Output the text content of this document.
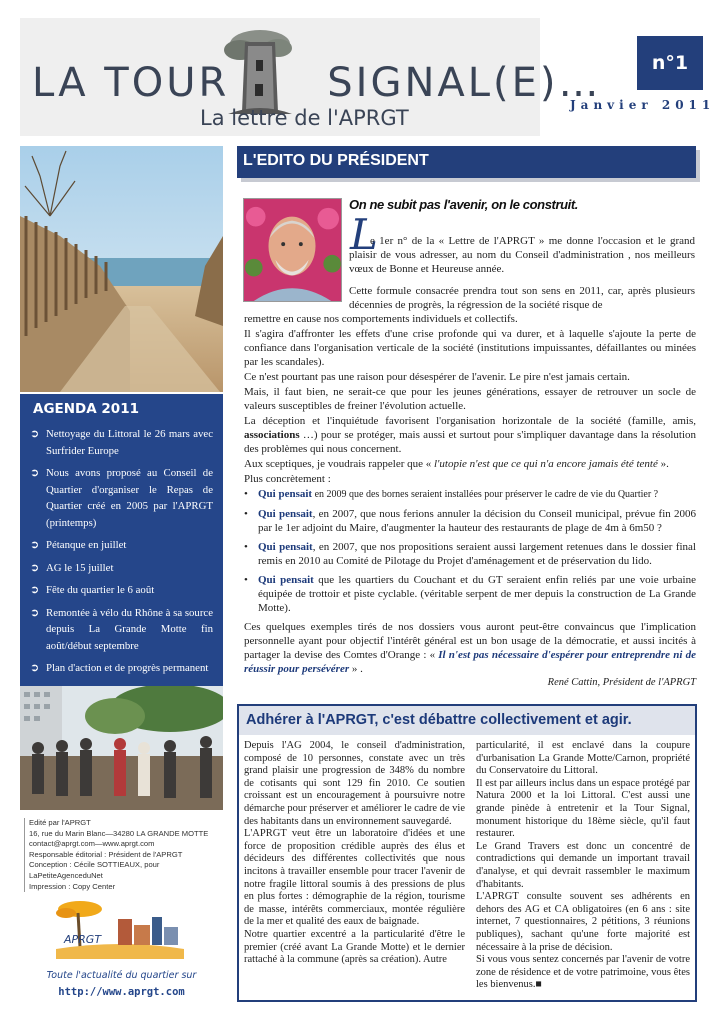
LA TOUR SIGNAL(E)…
La lettre de l'APRGT
n°1
Janvier 2011
AGENDA 2011
➲ Nettoyage du Littoral le 26 mars avec Surfrider Europe
➲ Nous avons proposé au Conseil de Quartier d'organiser le Repas de Quartier créé en 2005 par l'APRGT (printemps)
➲ Pétanque en juillet
➲ AG le 15 juillet
➲ Fête du quartier le 6 août
➲ Remontée à vélo du Rhône à sa source depuis La Grande Motte fin août/début septembre
➲ Plan d'action et de progrès permanent
Edité par l'APRGT
16, rue du Marin Blanc—34280 LA GRANDE MOTTE
contact@aprgt.com—www.aprgt.com
Responsable éditorial : Président de l'APRGT
Conception : Cécile SOTTIEAUX, pour LaPetiteAgenceduNet
Impression : Copy Center
APRGT
Toute l'actualité du quartier sur
http://www.aprgt.com
L'EDITO DU PRÉSIDENT
On ne subit pas l'avenir, on le construit.
L
e 1er n° de la « Lettre de l'APRGT » me donne l'occasion et le grand plaisir de vous adresser, au nom du Conseil d'administration , nos meilleurs vœux de Bonne et Heureuse année.
Cette formule consacrée prendra tout son sens en 2011, car, après plusieurs décennies de progrès, la régression de la société risque de

remettre en cause nos comportements individuels et collectifs.

Il s'agira d'affronter les effets d'une crise profonde qui va durer, et à laquelle s'ajoute la perte de confiance dans l'organisation verticale de la société (institutions impuissantes, défaillantes ou minées par les scandales).

Ce n'est pourtant pas une raison pour désespérer de l'avenir. Le pire n'est jamais certain.

Mais, il faut bien, ne serait-ce que pour les jeunes générations, essayer de retrouver un socle de valeurs susceptibles de freiner l'évolution actuelle.

La déception et l'inquiétude favorisent l'organisation horizontale de la société (famille, amis, associations …) pour se protéger, mais aussi et surtout pour s'impliquer davantage dans la résolution des problèmes qui nous concernent.

Aux sceptiques, je voudrais rappeler que « l'utopie n'est que ce qui n'a encore jamais été tenté ».

Plus concrètement :

• Qui pensait en 2009 que des bornes seraient installées pour préserver le cadre de vie du Quartier ?
• Qui pensait, en 2007, que nous ferions annuler la décision du Conseil municipal, prévue fin 2006 par le 1er adjoint du Maire, d'augmenter la hauteur des restaurants de plage de 4m à 6m50 ?
• Qui pensait, en 2007, que nos propositions seraient aussi largement retenues dans le dossier final remis en 2010 au Comité de Pilotage du Projet d'aménagement et de préservation du lido.
• Qui pensait que les quartiers du Couchant et du GT seraient enfin reliés par une voie urbaine équipée de trottoir et piste cyclable. (véritable serpent de mer depuis la construction de La Grande Motte).

Ces quelques exemples tirés de nos dossiers vous auront peut-être convaincus que l'implication personnelle ayant pour objectif l'intérêt général est un bon usage de la démocratie, et aussi incités à partager la devise des Comtes d'Orange : « Il n'est pas nécessaire d'espérer pour entreprendre ni de réussir pour persévérer » .

René Cattin, Président de l'APRGT
Adhérer à l'APRGT, c'est débattre collectivement et agir.
Depuis l'AG 2004, le conseil d'administration, composé de 10 personnes, constate avec un très grand plaisir une progression de 348% du nombre de cotisants qui sont 129 fin 2010. Ce soutien croissant est un encouragement à poursuivre notre démarche pour préserver et améliorer le cadre de vie des habitants dans un environnement sauvegardé.
L'APRGT veut être un laboratoire d'idées et une force de proposition crédible auprès des élus et décideurs des différentes collectivités que nous incitons à travailler ensemble pour tracer l'avenir de notre fragile littoral soumis à des pressions de plus en plus fortes : démographie de la région, tourisme de masse, intérêts commerciaux, montée régulière de la mer et qualité des eaux de baignade.
Notre quartier excentré a la particularité d'être le premier (créé avant La Grande Motte) et le dernier rattaché à la commune (après sa création). Autre
particularité, il est enclavé dans la coupure d'urbanisation La Grande Motte/Carnon, propriété du Conservatoire du Littoral.
Il est par ailleurs inclus dans un espace protégé par Natura 2000 et la loi Littoral. C'est aussi une grande pinède à entretenir et la Tour Signal, monument historique du 18ème siècle, qu'il faut restaurer.
Le Grand Travers est donc un concentré de contradictions qui demande un important travail d'analyse, et qui devrait rassembler le maximum d'habitants.
L'APRGT consulte souvent ses adhérents en dehors des AG et CA obligatoires (en 6 ans : site internet, 7 questionnaires, 2 pétitions, 3 réunions publiques), sachant qu'une forte majorité est nécessaire à la prise de décision.
Si vous vous sentez concernés par l'avenir de votre zone de résidence et de votre patrimoine, vous êtes les bienvenus.■
